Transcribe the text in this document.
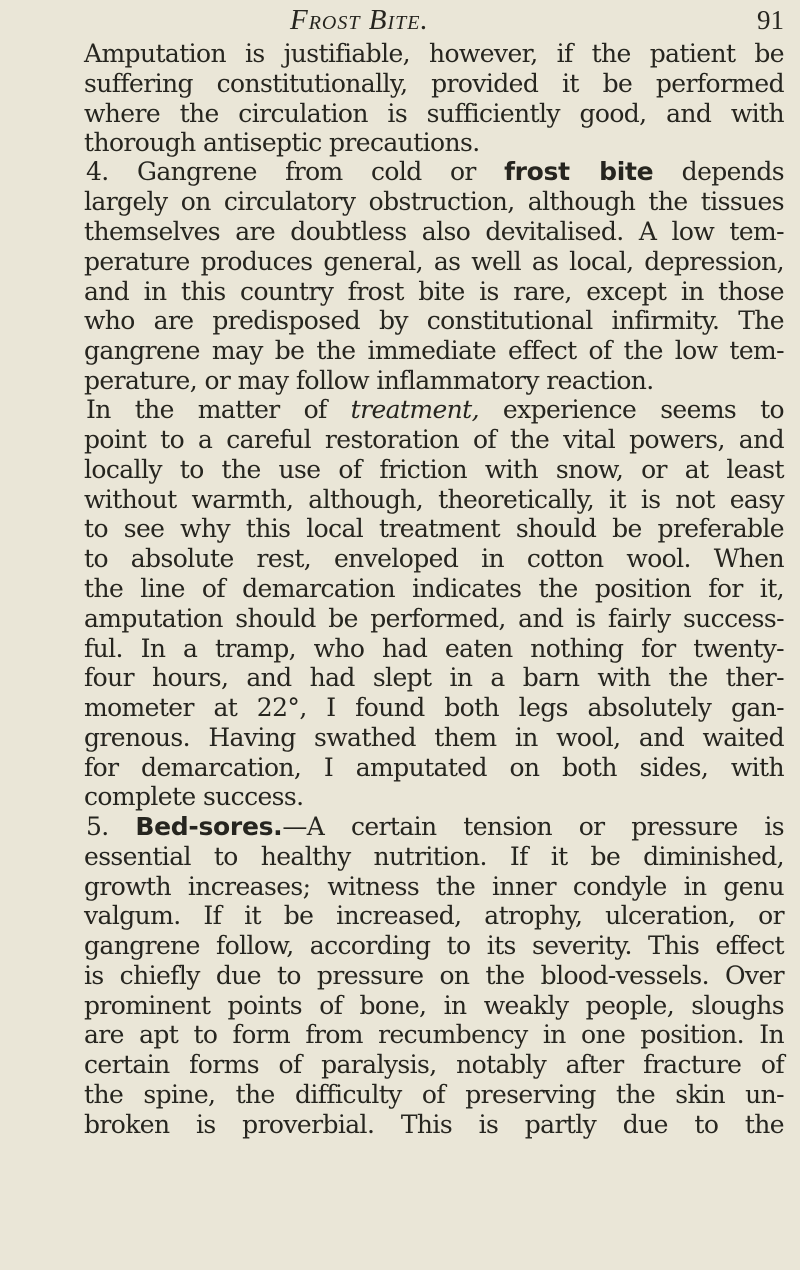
Frost Bite.	91
Amputation is justifiable, however, if the patient be
suffering constitutionally, provided it be performed
where the circulation is sufficiently good, and with
thorough antiseptic precautions.
4. Gangrene from cold or frost bite depends
largely on circulatory obstruction, although the tissues
themselves are doubtless also devitalised. A low tem-
perature produces general, as well as local, depression,
and in this country frost bite is rare, except in those
who are predisposed by constitutional infirmity. The
gangrene may be the immediate effect of the low tem-
perature, or may follow inflammatory reaction.
In the matter of treatment, experience seems to
point to a careful restoration of the vital powers, and
locally to the use of friction with snow, or at least
without warmth, although, theoretically, it is not easy
to see why this local treatment should be preferable
to absolute rest, enveloped in cotton wool. When
the line of demarcation indicates the position for it,
amputation should be performed, and is fairly success-
ful. In a tramp, who had eaten nothing for twenty-
four hours, and had slept in a barn with the ther-
mometer at 22°, I found both legs absolutely gan-
grenous. Having swathed them in wool, and waited
for demarcation, I amputated on both sides, with
complete success.
5. Bed-sores.—A certain tension or pressure is
essential to healthy nutrition. If it be diminished,
growth increases; witness the inner condyle in genu
valgum. If it be increased, atrophy, ulceration, or
gangrene follow, according to its severity. This effect
is chiefly due to pressure on the blood-vessels. Over
prominent points of bone, in weakly people, sloughs
are apt to form from recumbency in one position. In
certain forms of paralysis, notably after fracture of
the spine, the difficulty of preserving the skin un-
broken is proverbial. This is partly due to the
